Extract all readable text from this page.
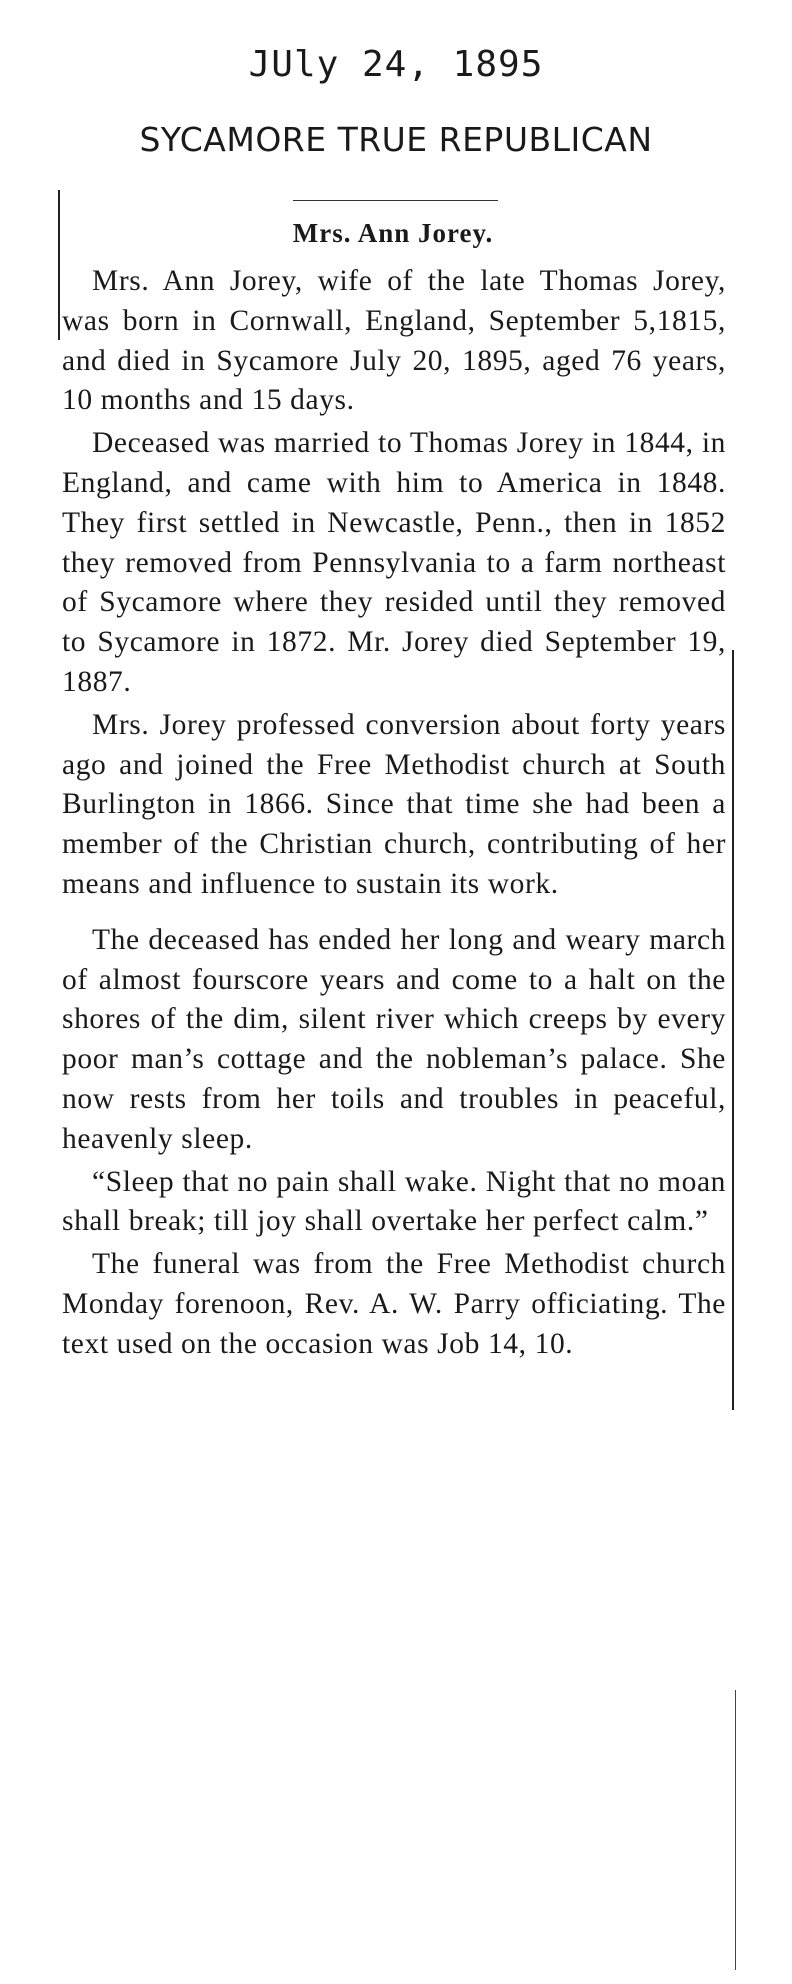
JUly 24, 1895
SYCAMORE TRUE REPUBLICAN
Mrs. Ann Jorey.

Mrs. Ann Jorey, wife of the late Thomas Jorey, was born in Cornwall, England, September 5,1815, and died in Sycamore July 20, 1895, aged 76 years, 10 months and 15 days.

Deceased was married to Thomas Jorey in 1844, in England, and came with him to America in 1848. They first settled in Newcastle, Penn., then in 1852 they removed from Pennsylvania to a farm northeast of Sycamore where they resided until they removed to Sycamore in 1872. Mr. Jorey died September 19, 1887.

Mrs. Jorey professed conversion about forty years ago and joined the Free Methodist church at South Burlington in 1866. Since that time she had been a member of the Christian church, contributing of her means and influence to sustain its work.

The deceased has ended her long and weary march of almost fourscore years and come to a halt on the shores of the dim, silent river which creeps by every poor man’s cottage and the nobleman’s palace. She now rests from her toils and troubles in peaceful, heavenly sleep.

“Sleep that no pain shall wake. Night that no moan shall break; till joy shall overtake her perfect calm.”

The funeral was from the Free Methodist church Monday forenoon, Rev. A. W. Parry officiating. The text used on the occasion was Job 14, 10.
